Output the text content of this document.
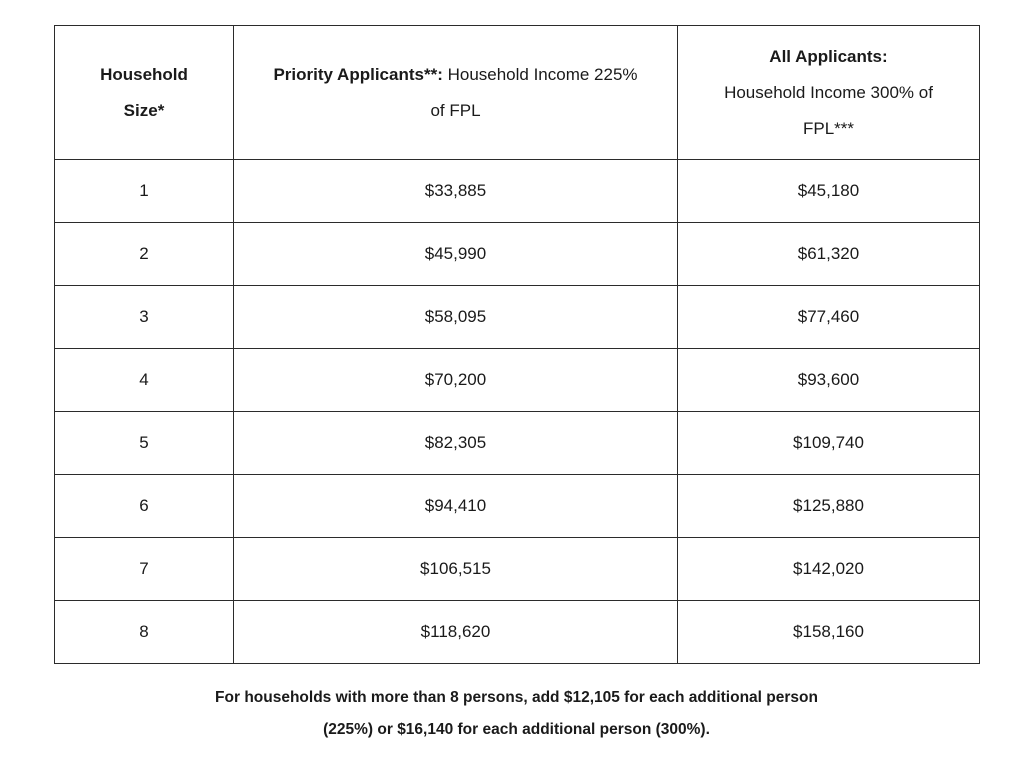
Household Size*	Priority Applicants**: Household Income 225% of FPL	All Applicants:
Household Income 300% of FPL***
1	$33,885	$45,180
2	$45,990	$61,320
3	$58,095	$77,460
4	$70,200	$93,600
5	$82,305	$109,740
6	$94,410	$125,880
7	$106,515	$142,020
8	$118,620	$158,160
For households with more than 8 persons, add $12,105 for each additional person
(225%) or $16,140 for each additional person (300%).
